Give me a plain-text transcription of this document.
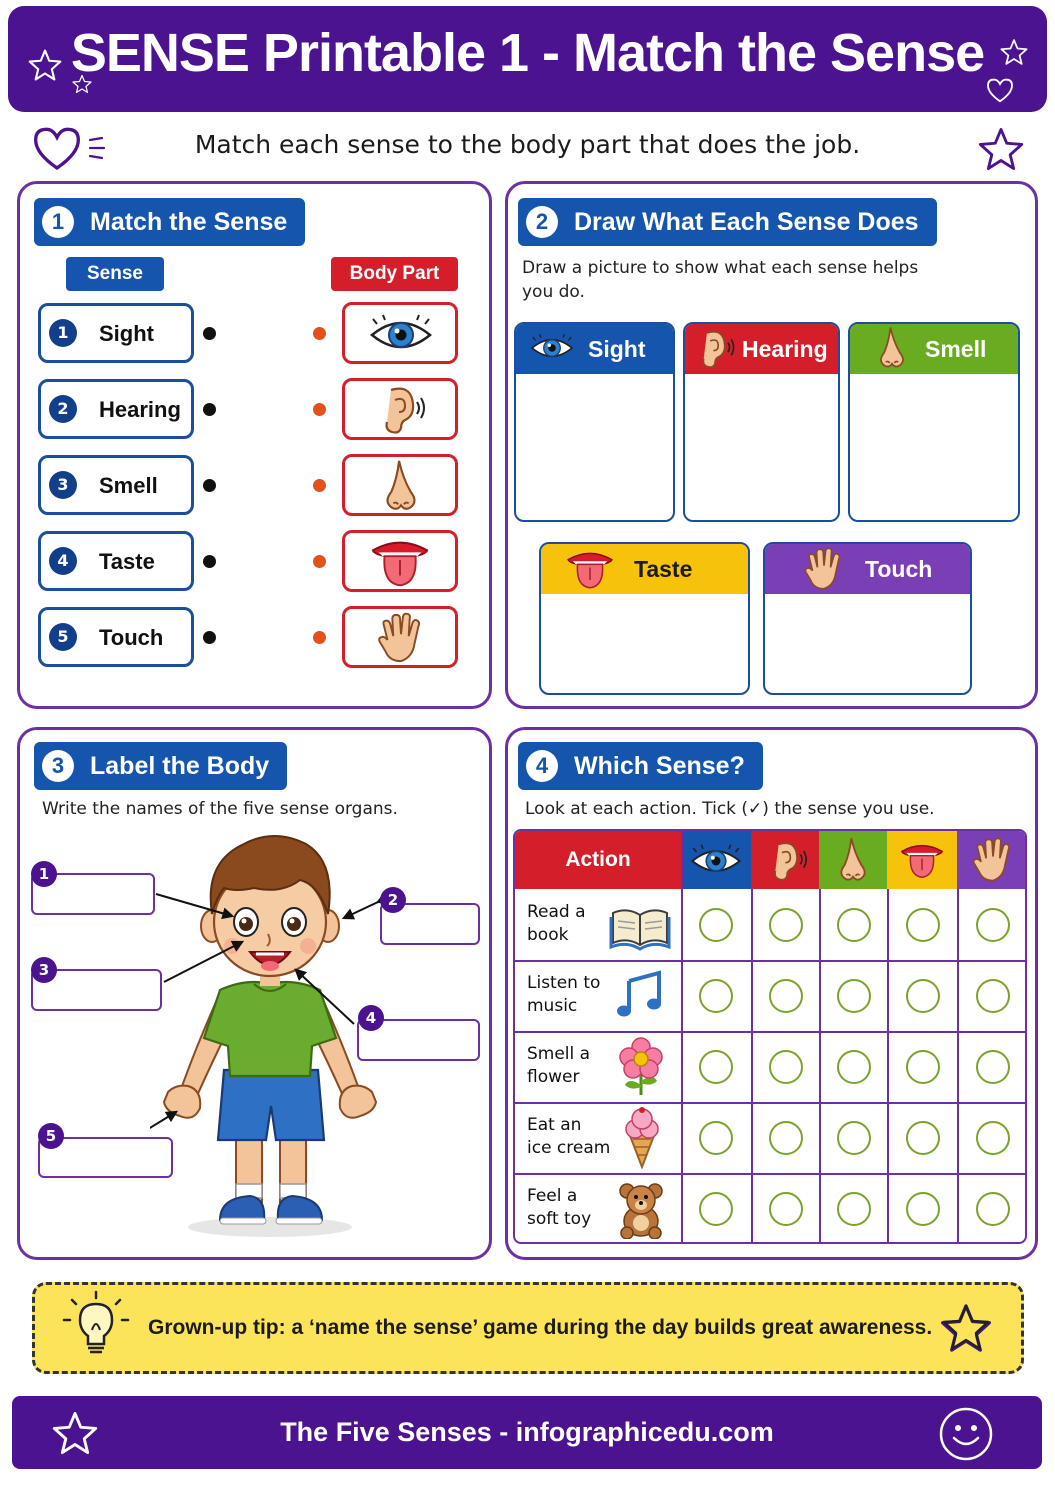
SENSE Printable 1 - Match the Sense
Match each sense to the body part that does the job.
1	Match the Sense
Sense	Body Part
1	Sight
2	Hearing
3	Smell
4	Taste
5	Touch
2	Draw What Each Sense Does
Draw a picture to show what each sense helps you do.
Sight	Hearing	Smell
Taste	Touch
3	Label the Body
Write the names of the five sense organs.
1
2
3
4
5
4	Which Sense?
Look at each action. Tick (✓) the sense you use.
Action
Read a
book
Listen to
music
Smell a
flower
Eat an
ice cream
Feel a
soft toy
Grown-up tip: a ‘name the sense’ game during the day builds great awareness.
The Five Senses - infographicedu.com
